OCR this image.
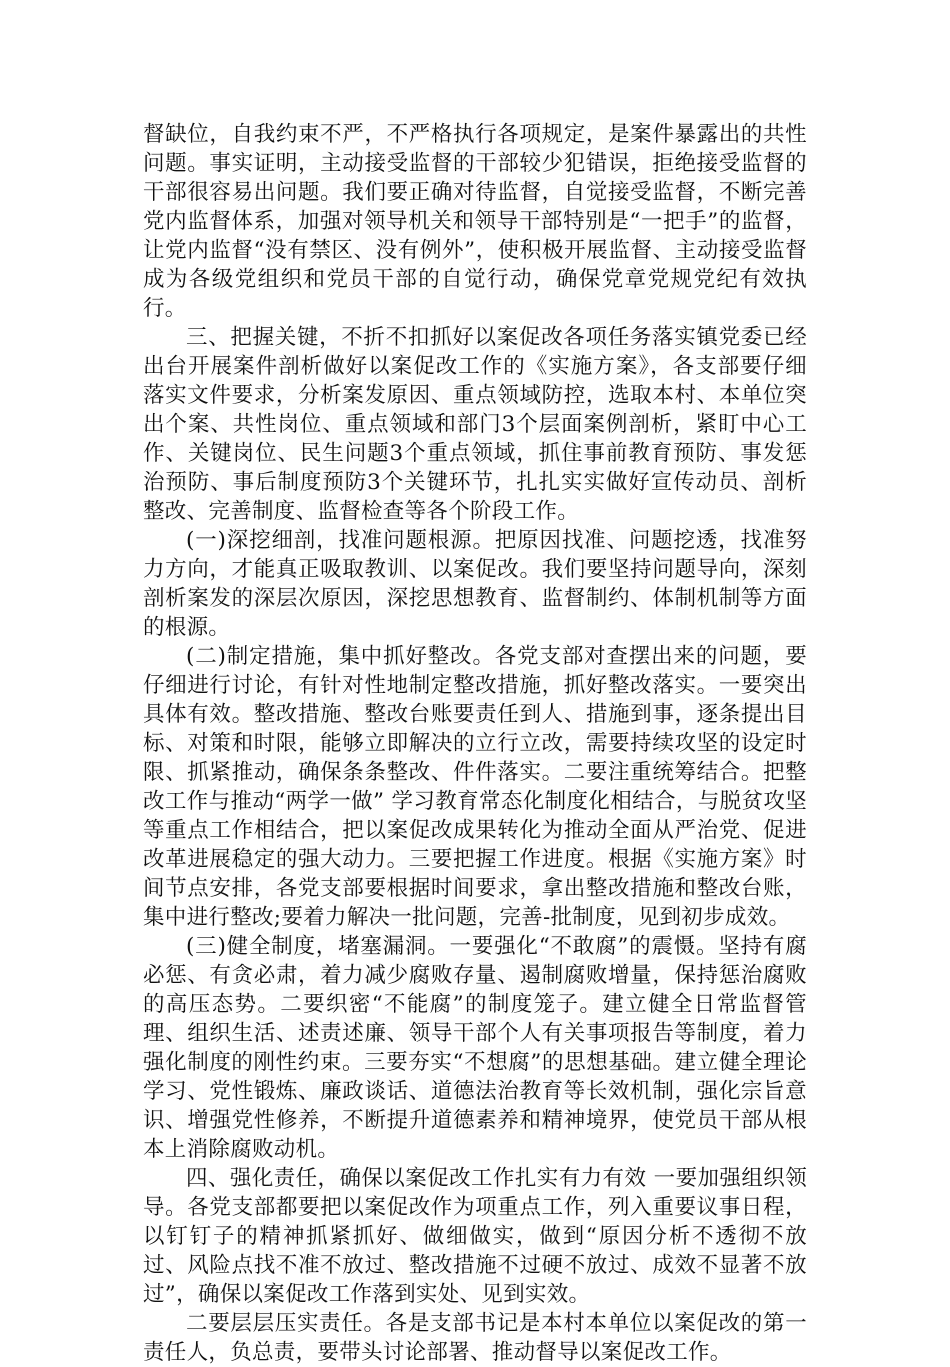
督缺位，自我约束不严，不严格执行各项规定，是案件暴露出的共性问题。事实证明，主动接受监督的干部较少犯错误，拒绝接受监督的干部很容易出问题。我们要正确对待监督，自觉接受监督，不断完善党内监督体系，加强对领导机关和领导干部特别是“一把手”的监督，让党内监督“没有禁区、没有例外”，使积极开展监督、主动接受监督成为各级党组织和党员干部的自觉行动，确保党章党规党纪有效执行。

三、把握关键，不折不扣抓好以案促改各项任务落实镇党委已经出台开展案件剖析做好以案促改工作的《实施方案》，各支部要仔细落实文件要求，分析案发原因、重点领域防控，选取本村、本单位突出个案、共性岗位、重点领域和部门3个层面案例剖析，紧盯中心工作、关键岗位、民生问题3个重点领域，抓住事前教育预防、事发惩治预防、事后制度预防3个关键环节，扎扎实实做好宣传动员、剖析整改、完善制度、监督检查等各个阶段工作。

(一)深挖细剖，找准问题根源。把原因找准、问题挖透，找准努力方向，才能真正吸取教训、以案促改。我们要坚持问题导向，深刻剖析案发的深层次原因，深挖思想教育、监督制约、体制机制等方面的根源。

(二)制定措施，集中抓好整改。各党支部对查摆出来的问题，要仔细进行讨论，有针对性地制定整改措施，抓好整改落实。一要突出具体有效。整改措施、整改台账要责任到人、措施到事，逐条提出目标、对策和时限，能够立即解决的立行立改，需要持续攻坚的设定时限、抓紧推动，确保条条整改、件件落实。二要注重统筹结合。把整改工作与推动“两学一做” 学习教育常态化制度化相结合，与脱贫攻坚等重点工作相结合，把以案促改成果转化为推动全面从严治党、促进改革进展稳定的强大动力。三要把握工作进度。根据《实施方案》时间节点安排，各党支部要根据时间要求，拿出整改措施和整改台账，集中进行整改;要着力解决一批问题，完善-批制度，见到初步成效。

(三)健全制度，堵塞漏洞。一要强化“不敢腐”的震慑。坚持有腐必惩、有贪必肃，着力减少腐败存量、遏制腐败增量，保持惩治腐败的高压态势。二要织密“不能腐”的制度笼子。建立健全日常监督管理、组织生活、述责述廉、领导干部个人有关事项报告等制度，着力强化制度的刚性约束。三要夯实“不想腐”的思想基础。建立健全理论学习、党性锻炼、廉政谈话、道德法治教育等长效机制，强化宗旨意识、增强党性修养，不断提升道德素养和精神境界，使党员干部从根本上消除腐败动机。

四、强化责任，确保以案促改工作扎实有力有效 一要加强组织领导。各党支部都要把以案促改作为项重点工作，列入重要议事日程，以钉钉子的精神抓紧抓好、做细做实，做到“原因分析不透彻不放过、风险点找不准不放过、整改措施不过硬不放过、成效不显著不放过”，确保以案促改工作落到实处、见到实效。

二要层层压实责任。各是支部书记是本村本单位以案促改的第一责任人，负总责，要带头讨论部署、推动督导以案促改工作。
